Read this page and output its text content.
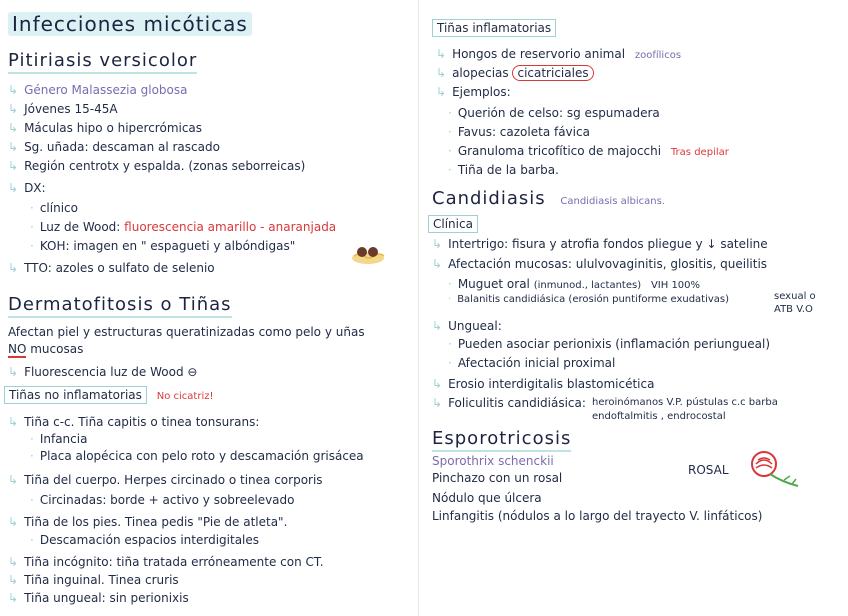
Infecciones micóticas
Pitiriasis versicolor
↳ Género Malassezia globosa
↳ Jóvenes 15-45A
↳ Máculas hipo o hipercrómicas
↳ Sg. uñada: descaman al rascado
↳ Región centrotx y espalda. (zonas seborreicas)
↳ DX:
· clínico
· Luz de Wood: fluorescencia amarillo - anaranjada
· KOH: imagen en " espagueti y albóndigas"
↳ TTO: azoles o sulfato de selenio
Dermatofitosis o Tiñas
Afectan piel y estructuras queratinizadas como pelo y uñas
NO mucosas
↳ Fluorescencia luz de Wood ⊖
Tiñas no inflamatorias No cicatriz!
↳ Tiña c-c. Tiña capitis o tinea tonsurans:
· Infancia
· Placa alopécica con pelo roto y descamación grisácea
↳ Tiña del cuerpo. Herpes circinado o tinea corporis
· Circinadas: borde + activo y sobreelevado
↳ Tiña de los pies. Tinea pedis "Pie de atleta".
· Descamación espacios interdigitales
↳ Tiña incógnito: tiña tratada erróneamente con CT.
↳ Tiña inguinal. Tinea cruris
↳ Tiña ungueal: sin perionixis
Tiñas inflamatorias
↳ Hongos de reservorio animal zoofílicos
↳ alopecias cicatriciales
↳ Ejemplos:
· Querión de celso: sg espumadera
· Favus: cazoleta fávica
· Granuloma tricofítico de majocchi Tras depilar
· Tiña de la barba.
Candidiasis Candidiasis albicans.
Clínica
↳ Intertrigo: fisura y atrofia fondos pliegue y ↓ sateline
↳ Afectación mucosas: ululvovaginitis, glositis, queilitis
· Muguet oral (inmunod., lactantes) VIH 100%
· Balanitis candidiásica (erosión puntiforme exudativas)	sexual o
ATB V.O
↳ Ungueal:
· Pueden asociar perionixis (inflamación periungueal)
· Afectación inicial proximal
↳ Erosio interdigitalis blastomicética
↳ Foliculitis candidiásica: heroinómanos V.P. pústulas c.c barba
endoftalmitis , endrocostal
Esporotricosis
Sporothrix schenckii
Pinchazo con un rosal
Nódulo que úlcera
Linfangitis (nódulos a lo largo del trayecto V. linfáticos)
ROSAL
